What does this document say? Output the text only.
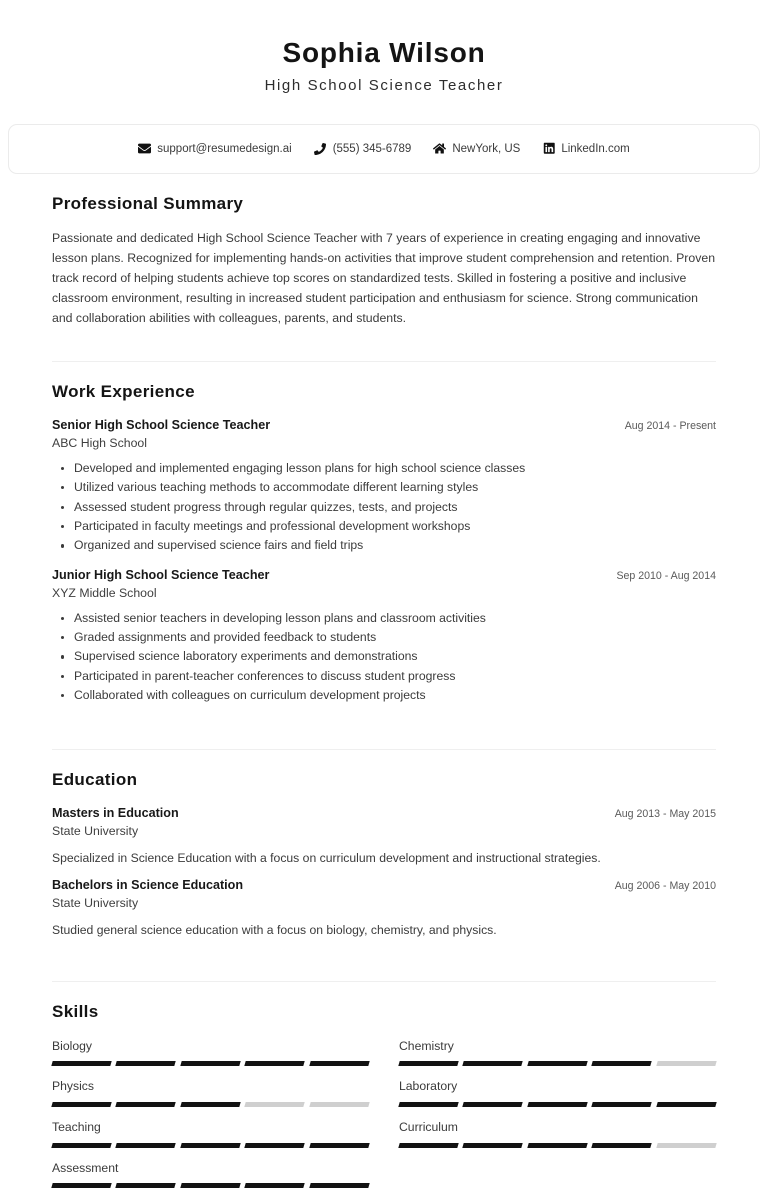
Sophia Wilson
High School Science Teacher
support@resumedesign.ai	(555) 345-6789	NewYork, US	LinkedIn.com
Professional Summary
Passionate and dedicated High School Science Teacher with 7 years of experience in creating engaging and innovative lesson plans. Recognized for implementing hands-on activities that improve student comprehension and retention. Proven track record of helping students achieve top scores on standardized tests. Skilled in fostering a positive and inclusive classroom environment, resulting in increased student participation and enthusiasm for science. Strong communication and collaboration abilities with colleagues, parents, and students.
Work Experience
Senior High School Science Teacher	Aug 2014 - Present
ABC High School
Developed and implemented engaging lesson plans for high school science classes
Utilized various teaching methods to accommodate different learning styles
Assessed student progress through regular quizzes, tests, and projects
Participated in faculty meetings and professional development workshops
Organized and supervised science fairs and field trips
Junior High School Science Teacher	Sep 2010 - Aug 2014
XYZ Middle School
Assisted senior teachers in developing lesson plans and classroom activities
Graded assignments and provided feedback to students
Supervised science laboratory experiments and demonstrations
Participated in parent-teacher conferences to discuss student progress
Collaborated with colleagues on curriculum development projects
Education
Masters in Education	Aug 2013 - May 2015
State University
Specialized in Science Education with a focus on curriculum development and instructional strategies.
Bachelors in Science Education	Aug 2006 - May 2010
State University
Studied general science education with a focus on biology, chemistry, and physics.
Skills
Biology	Chemistry
Physics	Laboratory
Teaching	Curriculum
Assessment
